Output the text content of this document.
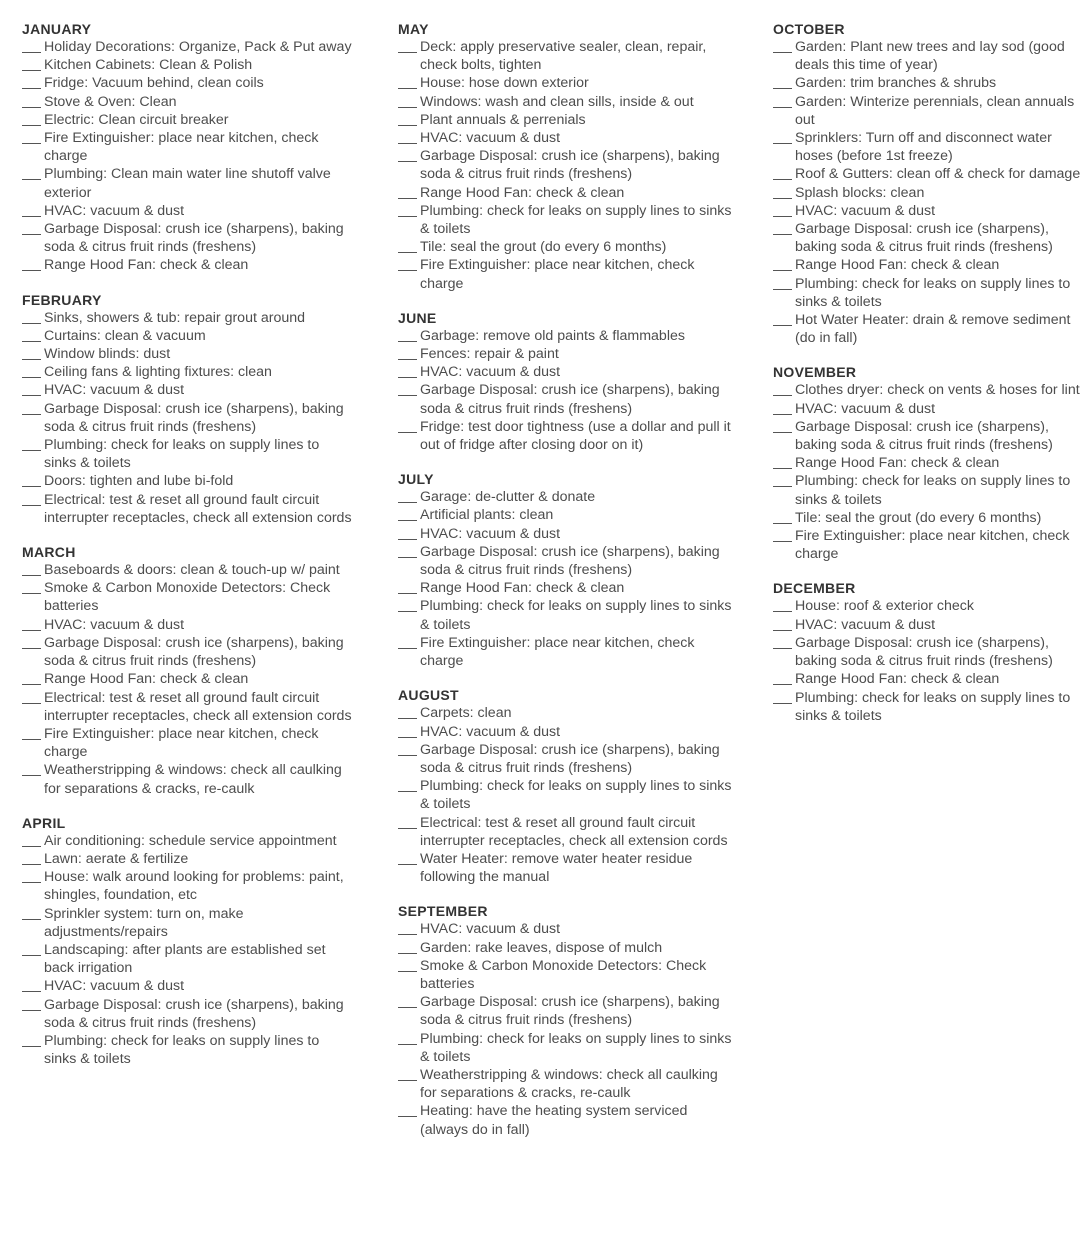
JANUARY
Holiday Decorations: Organize, Pack & Put away
Kitchen Cabinets: Clean & Polish
Fridge: Vacuum behind, clean coils
Stove & Oven: Clean
Electric: Clean circuit breaker
Fire Extinguisher: place near kitchen, check charge
Plumbing: Clean main water line shutoff valve exterior
HVAC: vacuum & dust
Garbage Disposal: crush ice (sharpens), baking soda & citrus fruit rinds (freshens)
Range Hood Fan: check & clean
FEBRUARY
Sinks, showers & tub: repair grout around
Curtains: clean & vacuum
Window blinds: dust
Ceiling fans & lighting fixtures: clean
HVAC: vacuum & dust
Garbage Disposal: crush ice (sharpens), baking soda & citrus fruit rinds (freshens)
Plumbing: check for leaks on supply lines to sinks & toilets
Doors: tighten and lube bi-fold
Electrical: test & reset all ground fault circuit interrupter receptacles, check all extension cords
MARCH
Baseboards & doors: clean & touch-up w/ paint
Smoke & Carbon Monoxide Detectors: Check batteries
HVAC: vacuum & dust
Garbage Disposal: crush ice (sharpens), baking soda & citrus fruit rinds (freshens)
Range Hood Fan: check & clean
Electrical: test & reset all ground fault circuit interrupter receptacles, check all extension cords
Fire Extinguisher: place near kitchen, check charge
Weatherstripping & windows: check all caulking for separations & cracks, re-caulk
APRIL
Air conditioning: schedule service appointment
Lawn: aerate & fertilize
House: walk around looking for problems: paint, shingles, foundation, etc
Sprinkler system: turn on, make adjustments/repairs
Landscaping: after plants are established set back irrigation
HVAC: vacuum & dust
Garbage Disposal: crush ice (sharpens), baking soda & citrus fruit rinds (freshens)
Plumbing: check for leaks on supply lines to sinks & toilets
MAY
Deck: apply preservative sealer, clean, repair, check bolts, tighten
House: hose down exterior
Windows: wash and clean sills, inside & out
Plant annuals & perrenials
HVAC: vacuum & dust
Garbage Disposal: crush ice (sharpens), baking soda & citrus fruit rinds (freshens)
Range Hood Fan: check & clean
Plumbing: check for leaks on supply lines to sinks & toilets
Tile: seal the grout (do every 6 months)
Fire Extinguisher: place near kitchen, check charge
JUNE
Garbage: remove old paints & flammables
Fences: repair & paint
HVAC: vacuum & dust
Garbage Disposal: crush ice (sharpens), baking soda & citrus fruit rinds (freshens)
Fridge: test door tightness (use a dollar and pull it out of fridge after closing door on it)
JULY
Garage: de-clutter & donate
Artificial plants: clean
HVAC: vacuum & dust
Garbage Disposal: crush ice (sharpens), baking soda & citrus fruit rinds (freshens)
Range Hood Fan: check & clean
Plumbing: check for leaks on supply lines to sinks & toilets
Fire Extinguisher: place near kitchen, check charge
AUGUST
Carpets: clean
HVAC: vacuum & dust
Garbage Disposal: crush ice (sharpens), baking soda & citrus fruit rinds (freshens)
Plumbing: check for leaks on supply lines to sinks & toilets
Electrical: test & reset all ground fault circuit interrupter receptacles, check all extension cords
Water Heater: remove water heater residue following the manual
SEPTEMBER
HVAC: vacuum & dust
Garden: rake leaves, dispose of mulch
Smoke & Carbon Monoxide Detectors: Check batteries
Garbage Disposal: crush ice (sharpens), baking soda & citrus fruit rinds (freshens)
Plumbing: check for leaks on supply lines to sinks & toilets
Weatherstripping & windows: check all caulking for separations & cracks, re-caulk
Heating: have the heating system serviced (always do in fall)
OCTOBER
Garden: Plant new trees and lay sod (good deals this time of year)
Garden: trim branches & shrubs
Garden: Winterize perennials, clean annuals out
Sprinklers: Turn off and disconnect water hoses (before 1st freeze)
Roof & Gutters: clean off & check for damage
Splash blocks: clean
HVAC: vacuum & dust
Garbage Disposal: crush ice (sharpens), baking soda & citrus fruit rinds (freshens)
Range Hood Fan: check & clean
Plumbing: check for leaks on supply lines to sinks & toilets
Hot Water Heater: drain & remove sediment (do in fall)
NOVEMBER
Clothes dryer: check on vents & hoses for lint
HVAC: vacuum & dust
Garbage Disposal: crush ice (sharpens), baking soda & citrus fruit rinds (freshens)
Range Hood Fan: check & clean
Plumbing: check for leaks on supply lines to sinks & toilets
Tile: seal the grout (do every 6 months)
Fire Extinguisher: place near kitchen, check charge
DECEMBER
House: roof & exterior check
HVAC: vacuum & dust
Garbage Disposal: crush ice (sharpens), baking soda & citrus fruit rinds (freshens)
Range Hood Fan: check & clean
Plumbing: check for leaks on supply lines to sinks & toilets
